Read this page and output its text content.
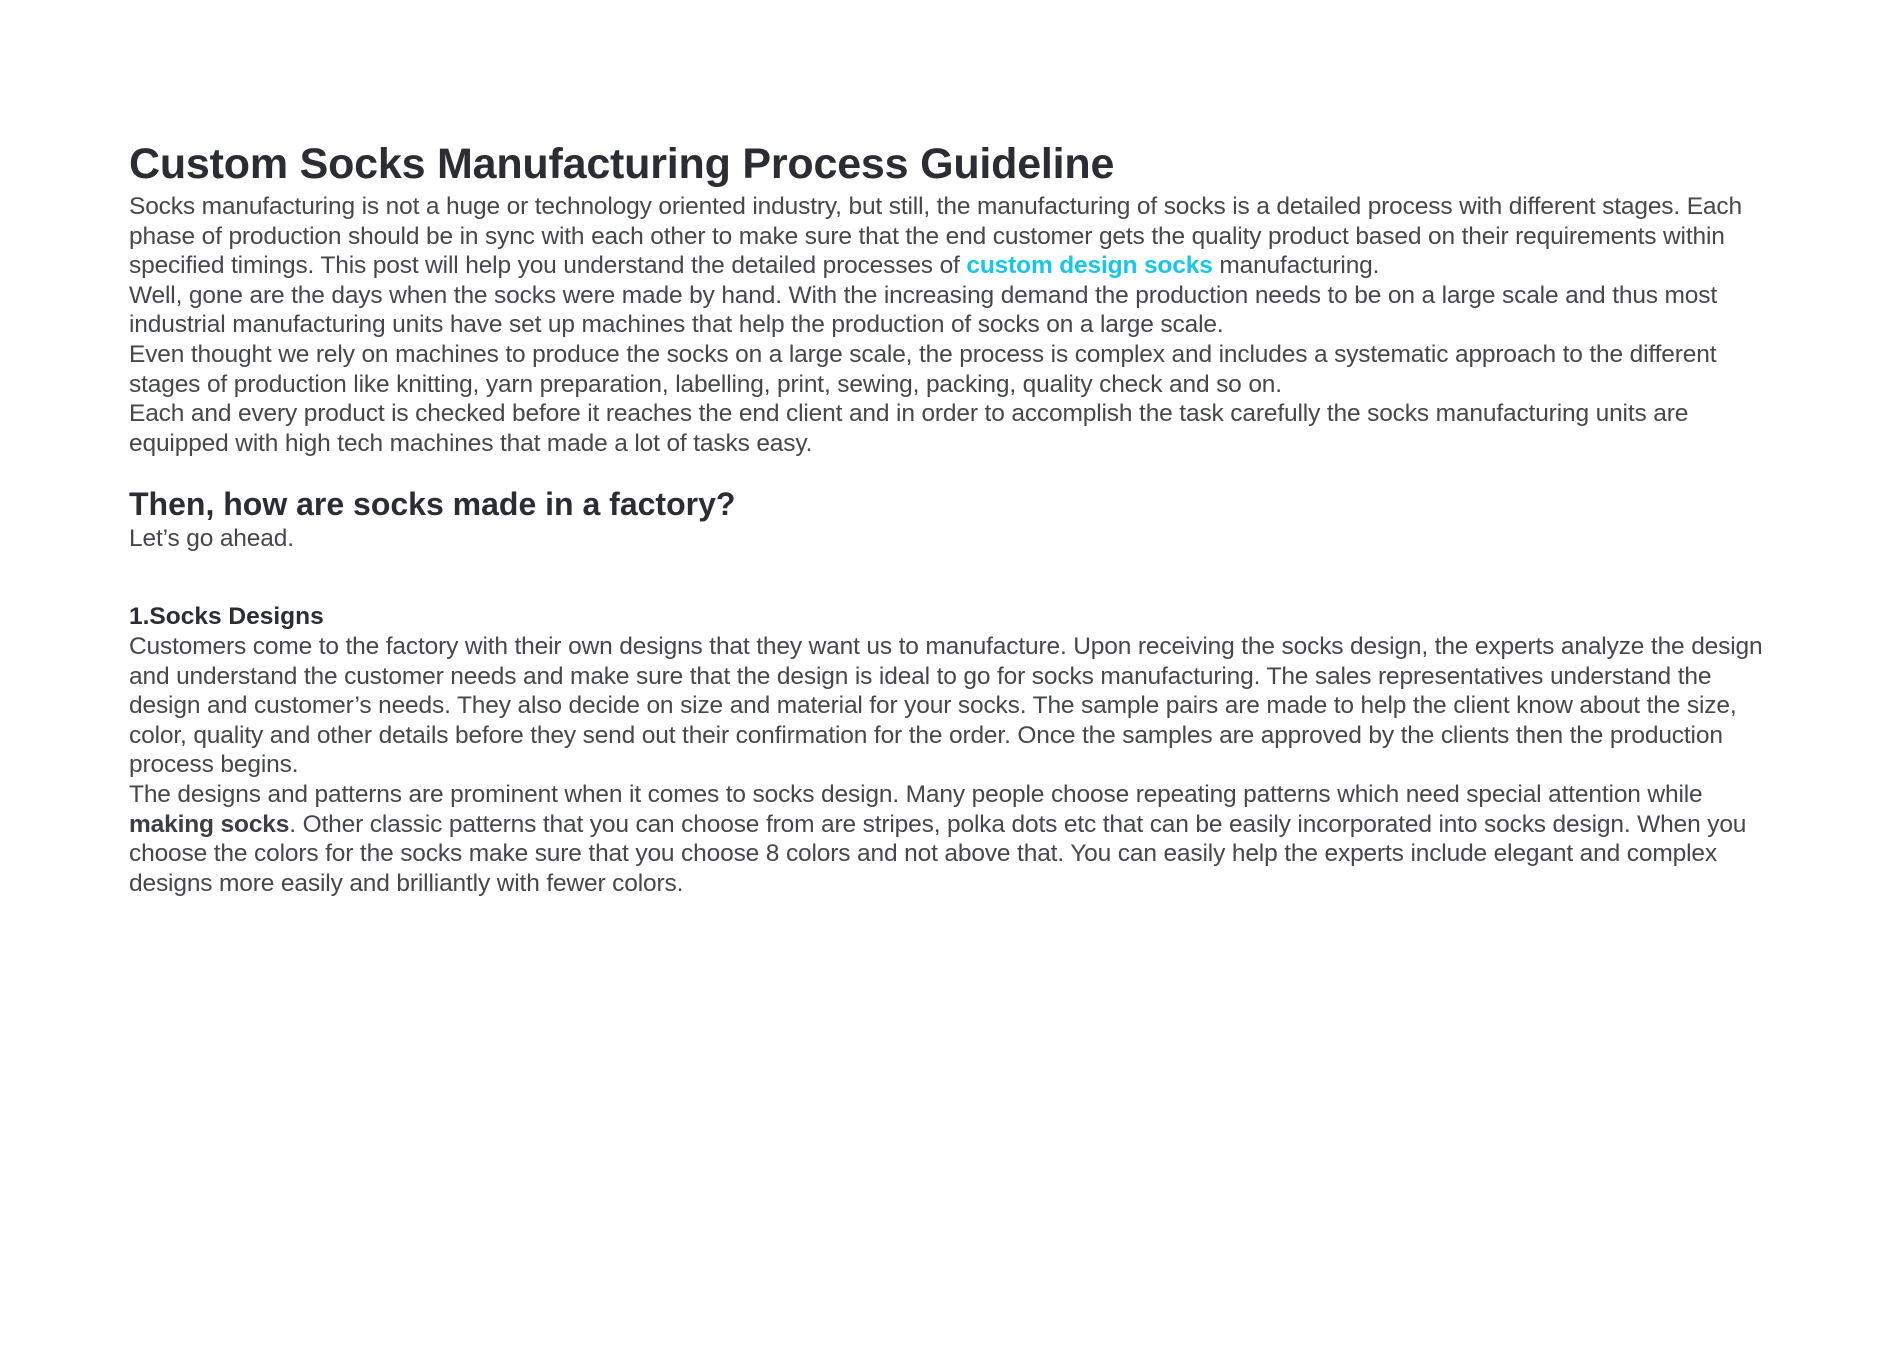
Custom Socks Manufacturing Process Guideline

Socks manufacturing is not a huge or technology oriented industry, but still, the manufacturing of socks is a detailed process with different stages. Each phase of production should be in sync with each other to make sure that the end customer gets the quality product based on their requirements within specified timings. This post will help you understand the detailed processes of custom design socks manufacturing.

Well, gone are the days when the socks were made by hand. With the increasing demand the production needs to be on a large scale and thus most industrial manufacturing units have set up machines that help the production of socks on a large scale.

Even thought we rely on machines to produce the socks on a large scale, the process is complex and includes a systematic approach to the different stages of production like knitting, yarn preparation, labelling, print, sewing, packing, quality check and so on.

Each and every product is checked before it reaches the end client and in order to accomplish the task carefully the socks manufacturing units are equipped with high tech machines that made a lot of tasks easy.

Then, how are socks made in a factory?

Let’s go ahead.

1.Socks Designs

Customers come to the factory with their own designs that they want us to manufacture. Upon receiving the socks design, the experts analyze the design and understand the customer needs and make sure that the design is ideal to go for socks manufacturing. The sales representatives understand the design and customer’s needs. They also decide on size and material for your socks. The sample pairs are made to help the client know about the size, color, quality and other details before they send out their confirmation for the order. Once the samples are approved by the clients then the production process begins.

The designs and patterns are prominent when it comes to socks design. Many people choose repeating patterns which need special attention while making socks. Other classic patterns that you can choose from are stripes, polka dots etc that can be easily incorporated into socks design. When you choose the colors for the socks make sure that you choose 8 colors and not above that. You can easily help the experts include elegant and complex designs more easily and brilliantly with fewer colors.
